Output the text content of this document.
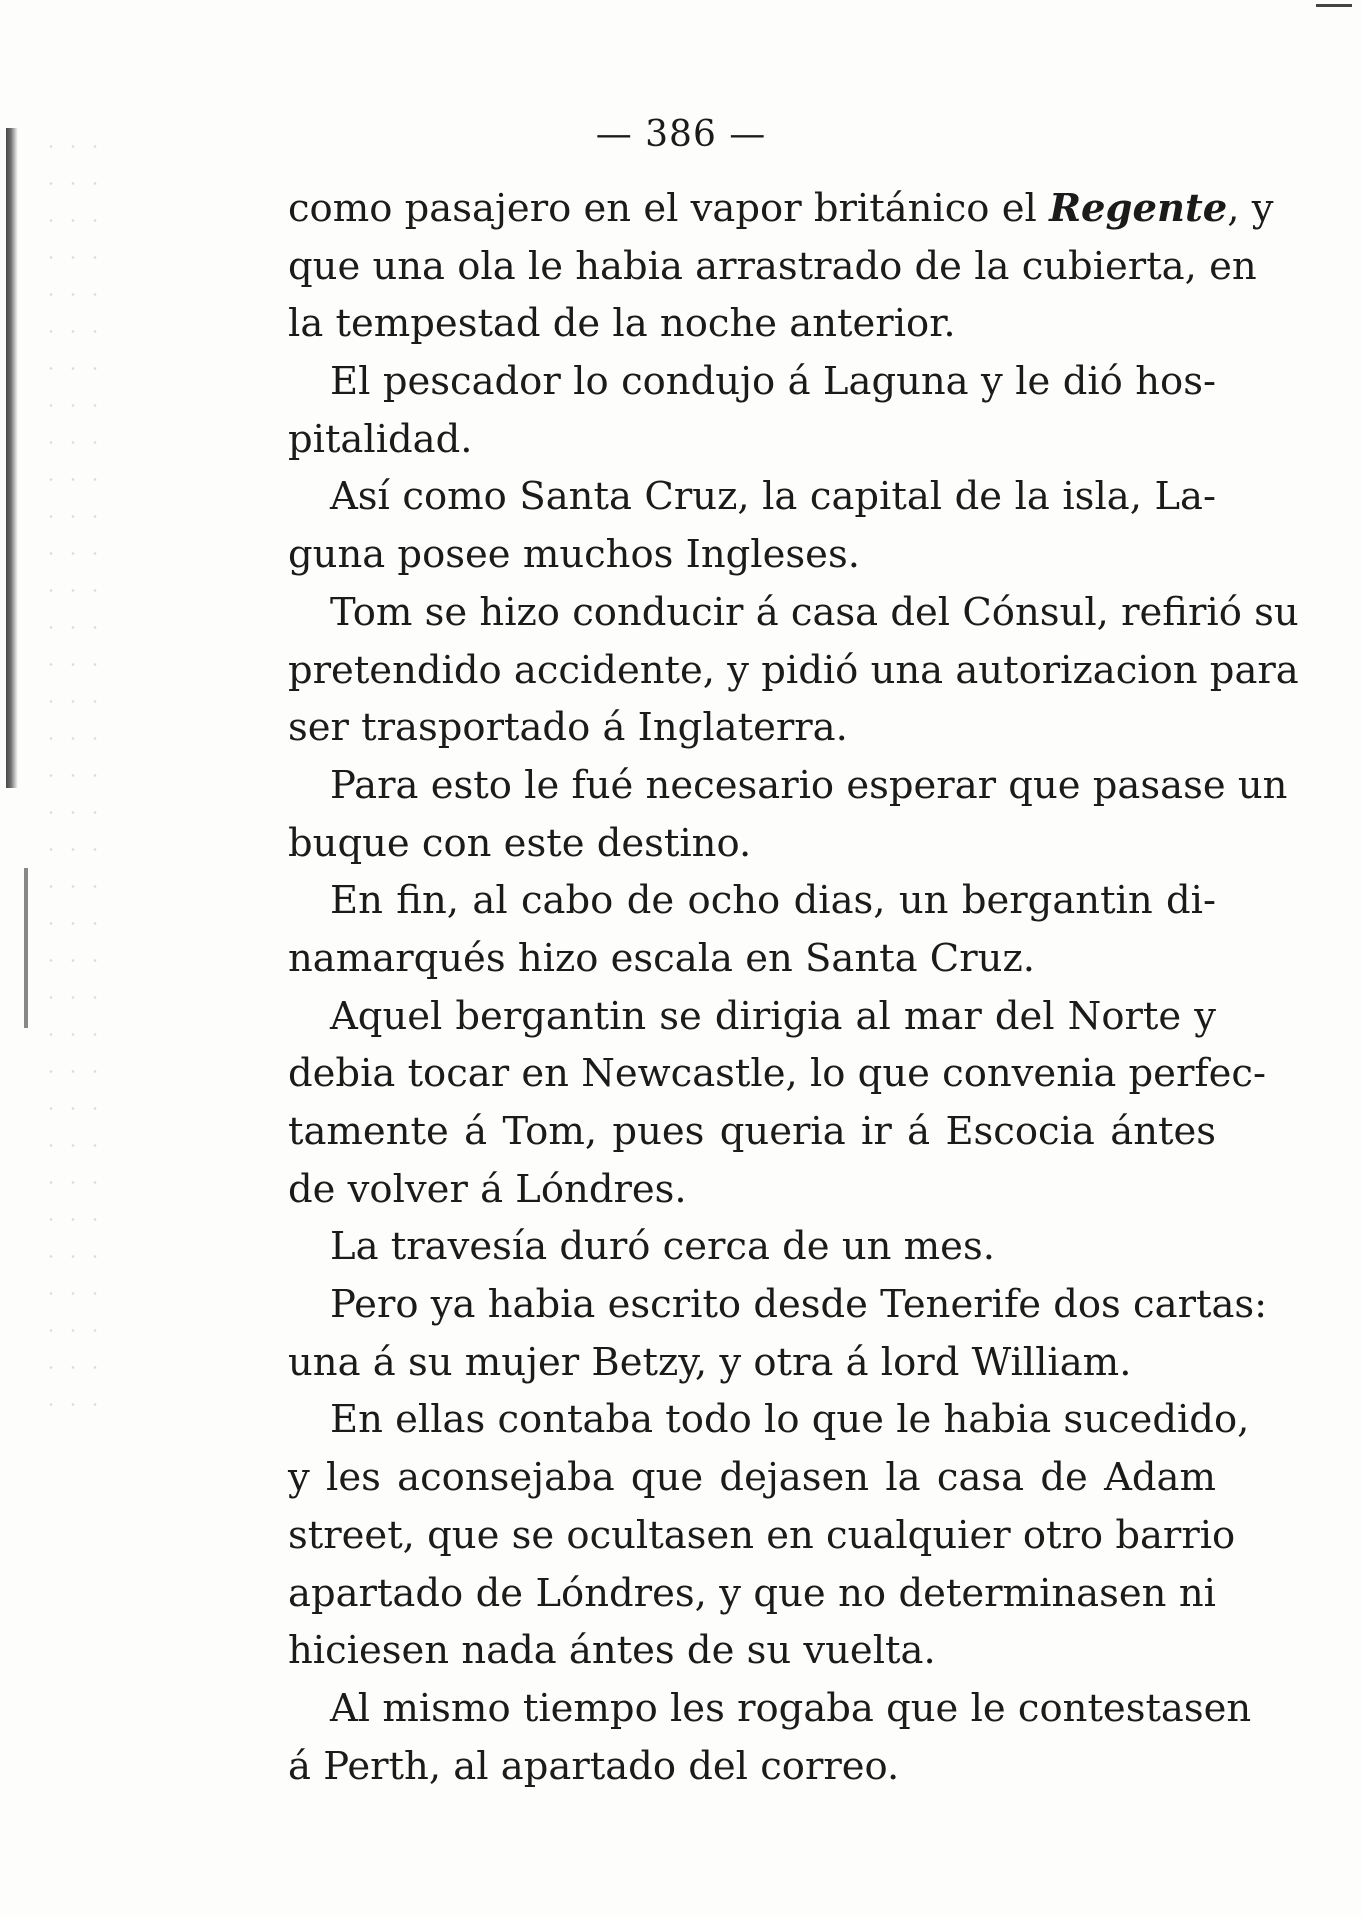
— 386 —
como pasajero en el vapor británico el Regente, y
que una ola le habia arrastrado de la cubierta, en
la tempestad de la noche anterior.
El pescador lo condujo á Laguna y le dió hos-
pitalidad.
Así como Santa Cruz, la capital de la isla, La-
guna posee muchos Ingleses.
Tom se hizo conducir á casa del Cónsul, refirió su
pretendido accidente, y pidió una autorizacion para
ser trasportado á Inglaterra.
Para esto le fué necesario esperar que pasase un
buque con este destino.
En fin, al cabo de ocho dias, un bergantin di-
namarqués hizo escala en Santa Cruz.
Aquel bergantin se dirigia al mar del Norte y
debia tocar en Newcastle, lo que convenia perfec-
tamente á Tom, pues queria ir á Escocia ántes
de volver á Lóndres.
La travesía duró cerca de un mes.
Pero ya habia escrito desde Tenerife dos cartas:
una á su mujer Betzy, y otra á lord William.
En ellas contaba todo lo que le habia sucedido,
y les aconsejaba que dejasen la casa de Adam
street, que se ocultasen en cualquier otro barrio
apartado de Lóndres, y que no determinasen ni
hiciesen nada ántes de su vuelta.
Al mismo tiempo les rogaba que le contestasen
á Perth, al apartado del correo.
